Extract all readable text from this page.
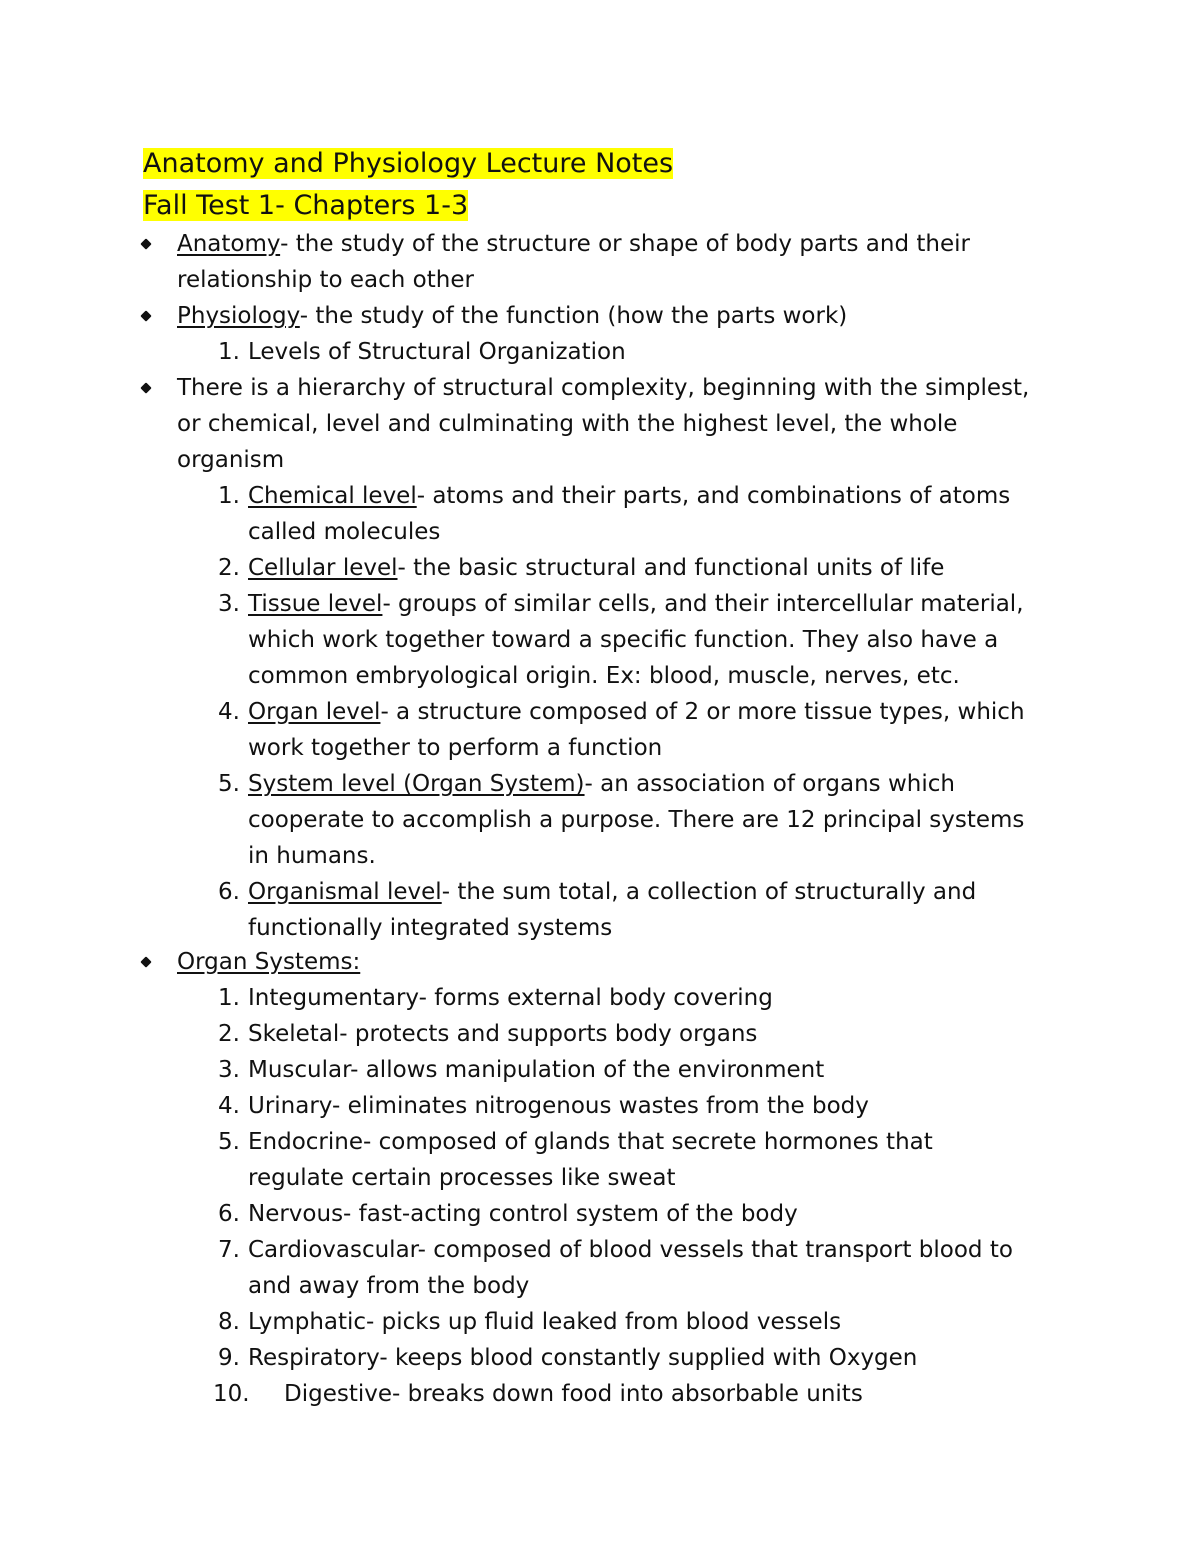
Anatomy and Physiology Lecture Notes
Fall Test 1- Chapters 1-3
Anatomy- the study of the structure or shape of body parts and their
relationship to each other
Physiology- the study of the function (how the parts work)
1. Levels of Structural Organization
There is a hierarchy of structural complexity, beginning with the simplest,
or chemical, level and culminating with the highest level, the whole
organism
1. Chemical level- atoms and their parts, and combinations of atoms
called molecules
2. Cellular level- the basic structural and functional units of life
3. Tissue level- groups of similar cells, and their intercellular material,
which work together toward a specific function. They also have a
common embryological origin. Ex: blood, muscle, nerves, etc.
4. Organ level- a structure composed of 2 or more tissue types, which
work together to perform a function
5. System level (Organ System)- an association of organs which
cooperate to accomplish a purpose. There are 12 principal systems
in humans.
6. Organismal level- the sum total, a collection of structurally and
functionally integrated systems
Organ Systems:
1. Integumentary- forms external body covering
2. Skeletal- protects and supports body organs
3. Muscular- allows manipulation of the environment
4. Urinary- eliminates nitrogenous wastes from the body
5. Endocrine- composed of glands that secrete hormones that
regulate certain processes like sweat
6. Nervous- fast-acting control system of the body
7. Cardiovascular- composed of blood vessels that transport blood to
and away from the body
8. Lymphatic- picks up fluid leaked from blood vessels
9. Respiratory- keeps blood constantly supplied with Oxygen
10.	Digestive- breaks down food into absorbable units
